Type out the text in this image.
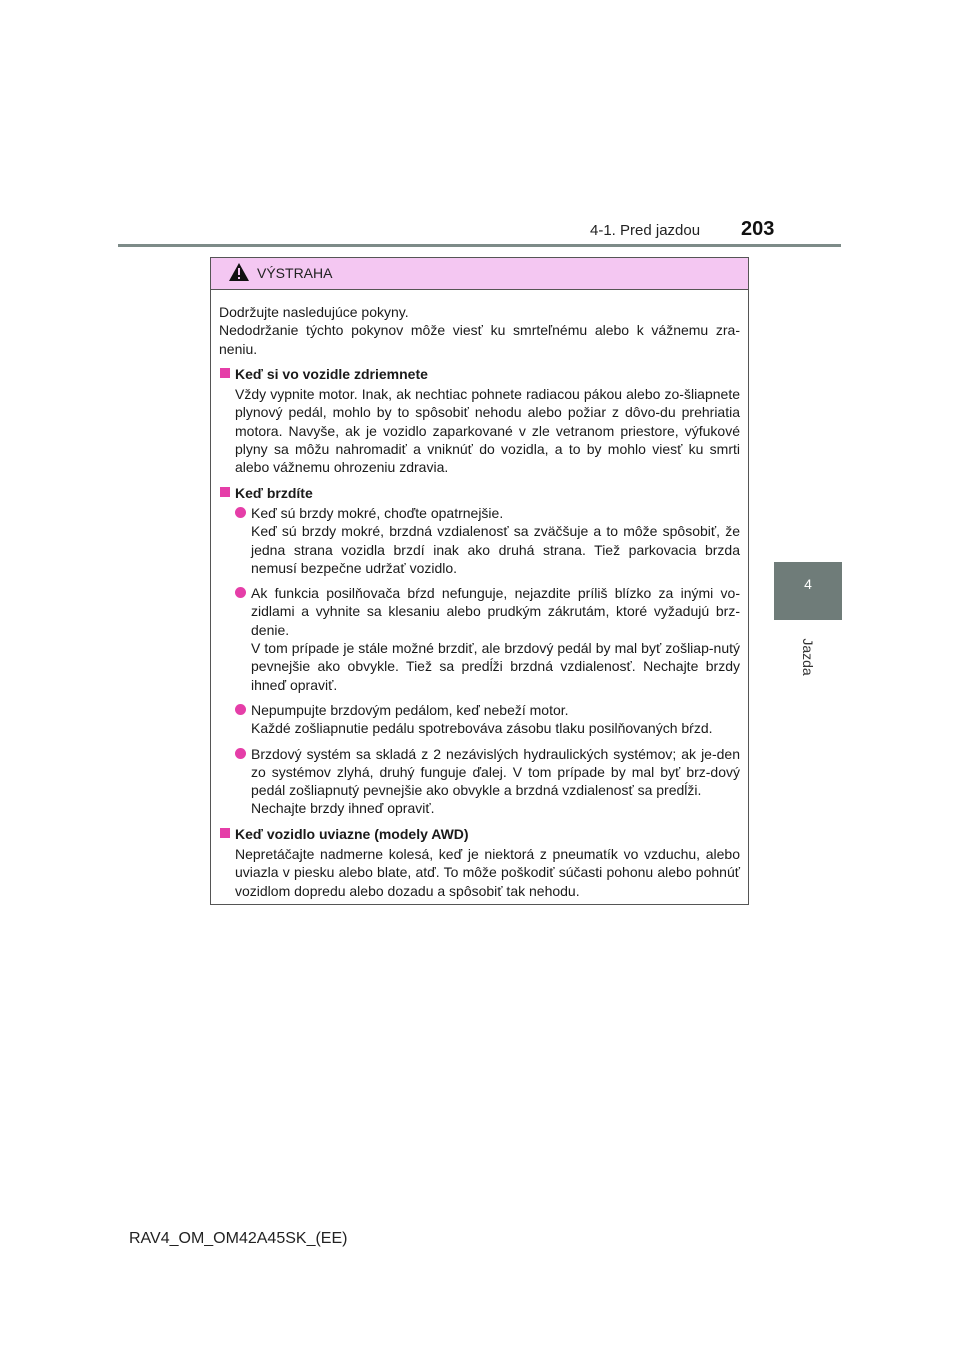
4-1. Pred jazdou 203
4
Jazda
VÝSTRAHA
Dodržujte nasledujúce pokyny.
Nedodržanie týchto pokynov môže viesť ku smrteľnému alebo k vážnemu zra-neniu.
Keď si vo vozidle zdriemnete
Vždy vypnite motor. Inak, ak nechtiac pohnete radiacou pákou alebo zo-šliapnete plynový pedál, mohlo by to spôsobiť nehodu alebo požiar z dôvo-du prehriatia motora. Navyše, ak je vozidlo zaparkované v zle vetranom priestore, výfukové plyny sa môžu nahromadiť a vniknúť do vozidla, a to by mohlo viesť ku smrti alebo vážnemu ohrozeniu zdravia.
Keď brzdíte
Keď sú brzdy mokré, choďte opatrnejšie.
Keď sú brzdy mokré, brzdná vzdialenosť sa zväčšuje a to môže spôsobiť, že jedna strana vozidla brzdí inak ako druhá strana. Tiež parkovacia brzda nemusí bezpečne udržať vozidlo.
Ak funkcia posilňovača bŕzd nefunguje, nejazdite príliš blízko za inými vo-zidlami a vyhnite sa klesaniu alebo prudkým zákrutám, ktoré vyžadujú brz-denie.
V tom prípade je stále možné brzdiť, ale brzdový pedál by mal byť zošliap-nutý pevnejšie ako obvykle. Tiež sa predĺži brzdná vzdialenosť. Nechajte brzdy ihneď opraviť.
Nepumpujte brzdovým pedálom, keď nebeží motor.
Každé zošliapnutie pedálu spotrebováva zásobu tlaku posilňovaných bŕzd.
Brzdový systém sa skladá z 2 nezávislých hydraulických systémov; ak je-den zo systémov zlyhá, druhý funguje ďalej. V tom prípade by mal byť brz-dový pedál zošliapnutý pevnejšie ako obvykle a brzdná vzdialenosť sa predĺži.
Nechajte brzdy ihneď opraviť.
Keď vozidlo uviazne (modely AWD)
Nepretáčajte nadmerne kolesá, keď je niektorá z pneumatík vo vzduchu, alebo uviazla v piesku alebo blate, atď. To môže poškodiť súčasti pohonu alebo pohnúť vozidlom dopredu alebo dozadu a spôsobiť tak nehodu.
RAV4_OM_OM42A45SK_(EE)
